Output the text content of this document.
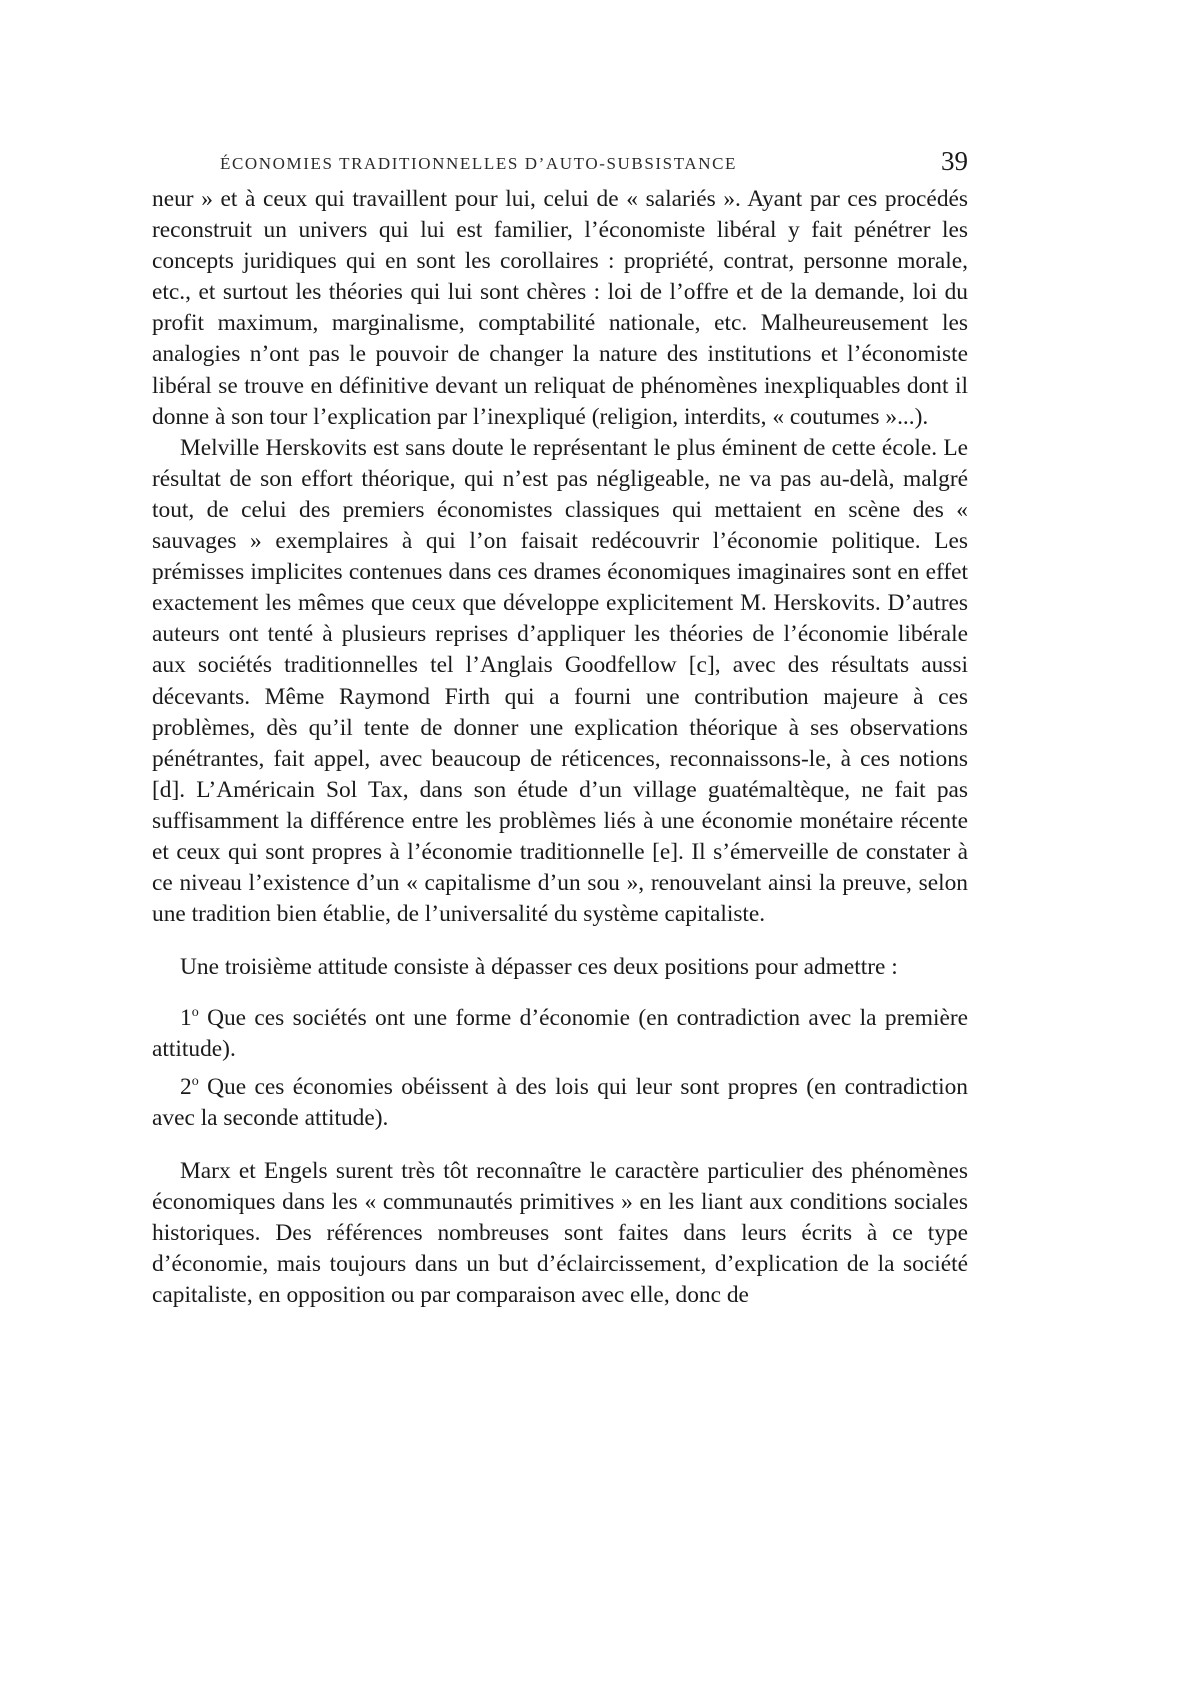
ÉCONOMIES TRADITIONNELLES D’AUTO-SUBSISTANCE	39

neur » et à ceux qui travaillent pour lui, celui de « salariés ». Ayant par ces procédés reconstruit un univers qui lui est familier, l’économiste libéral y fait pénétrer les concepts juridiques qui en sont les corollaires : propriété, contrat, personne morale, etc., et surtout les théories qui lui sont chères : loi de l’offre et de la demande, loi du profit maximum, marginalisme, comptabilité nationale, etc. Malheureusement les analogies n’ont pas le pouvoir de changer la nature des institutions et l’économiste libéral se trouve en définitive devant un reliquat de phénomènes inexpliquables dont il donne à son tour l’explication par l’inexpliqué (religion, interdits, « coutumes »...).

Melville Herskovits est sans doute le représentant le plus éminent de cette école. Le résultat de son effort théorique, qui n’est pas négligeable, ne va pas au-delà, malgré tout, de celui des premiers économistes classiques qui mettaient en scène des « sauvages » exemplaires à qui l’on faisait redécouvrir l’économie politique. Les prémisses implicites contenues dans ces drames économiques imaginaires sont en effet exactement les mêmes que ceux que développe explicitement M. Herskovits. D’autres auteurs ont tenté à plusieurs reprises d’appliquer les théories de l’économie libérale aux sociétés traditionnelles tel l’Anglais Goodfellow [c], avec des résultats aussi décevants. Même Raymond Firth qui a fourni une contribution majeure à ces problèmes, dès qu’il tente de donner une explication théorique à ses observations pénétrantes, fait appel, avec beaucoup de réticences, reconnaissons-le, à ces notions [d]. L’Américain Sol Tax, dans son étude d’un village guatémaltèque, ne fait pas suffisamment la différence entre les problèmes liés à une économie monétaire récente et ceux qui sont propres à l’économie traditionnelle [e]. Il s’émerveille de constater à ce niveau l’existence d’un « capitalisme d’un sou », renouvelant ainsi la preuve, selon une tradition bien établie, de l’universalité du système capitaliste.

Une troisième attitude consiste à dépasser ces deux positions pour admettre :

1$^o$ Que ces sociétés ont une forme d’économie (en contradiction avec la première attitude).

2$^o$ Que ces économies obéissent à des lois qui leur sont propres (en contradiction avec la seconde attitude).

Marx et Engels surent très tôt reconnaître le caractère particulier des phénomènes économiques dans les « communautés primitives » en les liant aux conditions sociales historiques. Des références nombreuses sont faites dans leurs écrits à ce type d’économie, mais toujours dans un but d’éclaircissement, d’explication de la société capitaliste, en opposition ou par comparaison avec elle, donc de
